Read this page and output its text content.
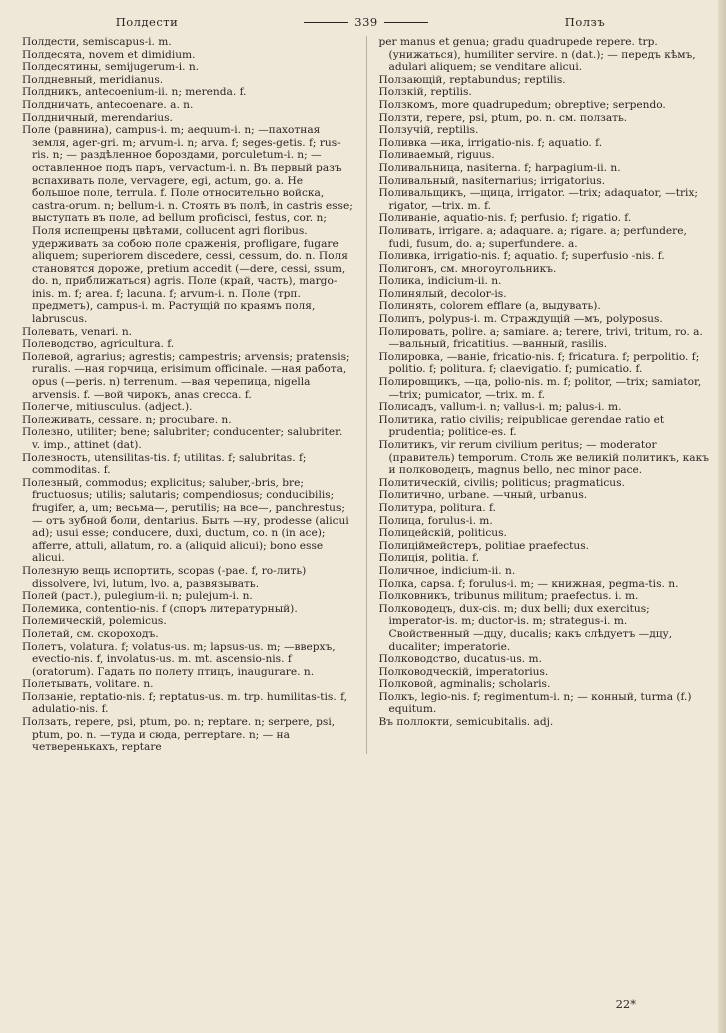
Полдести	339	Ползъ

Полдести, semiscapus-i. m.

Полдесята, novem et dimidium.

Полдесятины, semijugerum-i. n.

Полдневный, meridianus.

Полдникъ, antecoenium-ii. n; merenda. f.

Полдничать, antecoenare. a. n.

Полдничный, merendarius.

Поле (равнина), campus-i. m; aequum-i. n; —пахотная земля, ager-gri. m; arvum-i. n; arva. f; seges-getis. f; rus-ris. n; — раздѣленное бороздами, porculetum-i. n; — оставленное подъ паръ, vervactum-i. n. Въ первый разъ вспахивать поле, vervagere, egi, actum, go. a. Не большое поле, terrula. f. Поле относительно войска, castra-orum. n; bellum-i. n. Стоять въ полѣ, in castris esse; выступать въ поле, ad bellum proficisci, festus, cor. n; Поля испещрены цвѣтами, collucent agri floribus. удерживать за собою поле сраженія, profligare, fugare aliquem; superiorem discedere, cessi, cessum, do. n. Поля становятся дороже, pretium accedit (—dere, cessi, ssum, do. n, приближаться) agris. Поле (край, часть), margo-inis. m. f; area. f; lacuna. f; arvum-i. n. Поле (трп. предметъ), campus-i. m. Растущій по краямъ поля, labruscus.

Полевать, venari. n.

Полеводство, agricultura. f.

Полевой, agrarius; agrestis; campestris; arvensis; pratensis; ruralis. —ная горчица, erisimum officinale. —ная работа, opus (—peris. n) terrenum. —вая черепица, nigella arvensis. f. —вой чирокъ, anas crecca. f.

Полегче, mitiusculus. (adject.).

Полеживать, cessare. n; procubare. n.

Полезно, utiliter; bene; salubriter; conducenter; salubriter. v. imp., attinet (dat).

Полезность, utensilitas-tis. f; utilitas. f; salubritas. f; commoditas. f.

Полезный, commodus; explicitus; saluber,-bris, bre; fructuosus; utilis; salutaris; compendiosus; conducibilis; frugifer, a, um; весьма—, perutilis; на все—, panchrestus; — отъ зубной боли, dentarius. Быть —ну, prodesse (alicui ad); usui esse; conducere, duxi, ductum, co. n (in ace); afferre, attuli, allatum, ro. a (aliquid alicui); bono esse alicui.

Полезную вещь испортить, scopas (-рае. f, ro-лить) dissolvere, lvi, lutum, lvo. a, развязывать.

Полей (раст.), pulegium-ii. n; pulejum-i. n.

Полемика, contentio-nis. f (споръ литературный).

Полемическій, polemicus.

Полетай, см. скороходъ.

Полетъ, volatura. f; volatus-us. m; lapsus-us. m; —вверхъ, evectio-nis. f, involatus-us. m. mt. ascensio-nis. f (oratorum). Гадать по полету птицъ, inaugurare. n.

Полетывать, volitare. n.

Ползаніе, reptatio-nis. f; reptatus-us. m. trp. humilitas-tis. f, adulatio-nis. f.

Ползать, repere, psi, ptum, po. n; reptare. n; serpere, psi, ptum, po. n. —туда и сюда, perreptare. n; — на четверенькахъ, reptare

per manus et genua; gradu quadrupede repere. trp. (унижаться), humiliter servire. n (dat.); — передъ кѣмъ, adulari aliquem; se venditare alicui.

Ползающій, reptabundus; reptilis.

Ползкій, reptilis.

Ползкомъ, more quadrupedum; obreptive; serpendo.

Ползти, repere, psi, ptum, po. n. см. ползать.

Ползучій, reptilis.

Поливка —ика, irrigatio-nis. f; aquatio. f.

Поливаемый, riguus.

Поливальница, nasiterna. f; harpagium-ii. n.

Поливальный, nasiternarius; irrigatorius.

Поливальщикъ, —щица, irrigator. —trix; adaquator, —trix; rigator, —trix. m. f.

Поливаніе, aquatio-nis. f; perfusio. f; rigatio. f.

Поливать, irrigare. a; adaquare. a; rigare. a; perfundere, fudi, fusum, do. a; superfundere. a.

Поливка, irrigatio-nis. f; aquatio. f; superfusio -nis. f.

Полигонъ, см. многоугольникъ.

Полика, indicium-ii. n.

Полинялый, decolor-is.

Полинять, colorem efflare (a, выдувать).

Полипъ, polypus-i. m. Страждущій —мъ, polyposus.

Полировать, polire. a; samiare. a; terere, trivi, tritum, ro. a. —вальный, fricatitius. —ванный, rasilis.

Полировка, —ваніе, fricatio-nis. f; fricatura. f; perpolitio. f; politio. f; politura. f; claevigatio. f; pumicatio. f.

Полировщикъ, —ца, polio-nis. m. f; politor, —trix; samiator, —trix; pumicator, —trix. m. f.

Полисадъ, vallum-i. n; vallus-i. m; palus-i. m.

Политика, ratio civilis; reipublicae gerendae ratio et prudentia; politice-es. f.

Политикъ, vir rerum civilium peritus; — moderator (правитель) temporum. Столь же великій политикъ, какъ и полководецъ, magnus bello, nec minor pace.

Политическій, civilis; politicus; pragmaticus.

Политично, urbane. —чный, urbanus.

Политура, politura. f.

Полица, forulus-i. m.

Полицейскій, politicus.

Полиціймейстеръ, politiae praefectus.

Полиція, politia. f.

Поличное, indicium-ii. n.

Полка, capsa. f; forulus-i. m; — книжная, pegma-tis. n.

Полковникъ, tribunus militum; praefectus. i. m.

Полководецъ, dux-cis. m; dux belli; dux exercitus; imperator-is. m; ductor-is. m; strategus-i. m. Свойственный —дцу, ducalis; какъ слѣдуетъ —дцу, ducaliter; imperatorie.

Полководство, ducatus-us. m.

Полководческій, imperatorius.

Полковой, agminalis; scholaris.

Полкъ, legio-nis. f; regimentum-i. n; — конный, turma (f.) equitum.

Въ поллокти, semicubitalis. adj.

22*
